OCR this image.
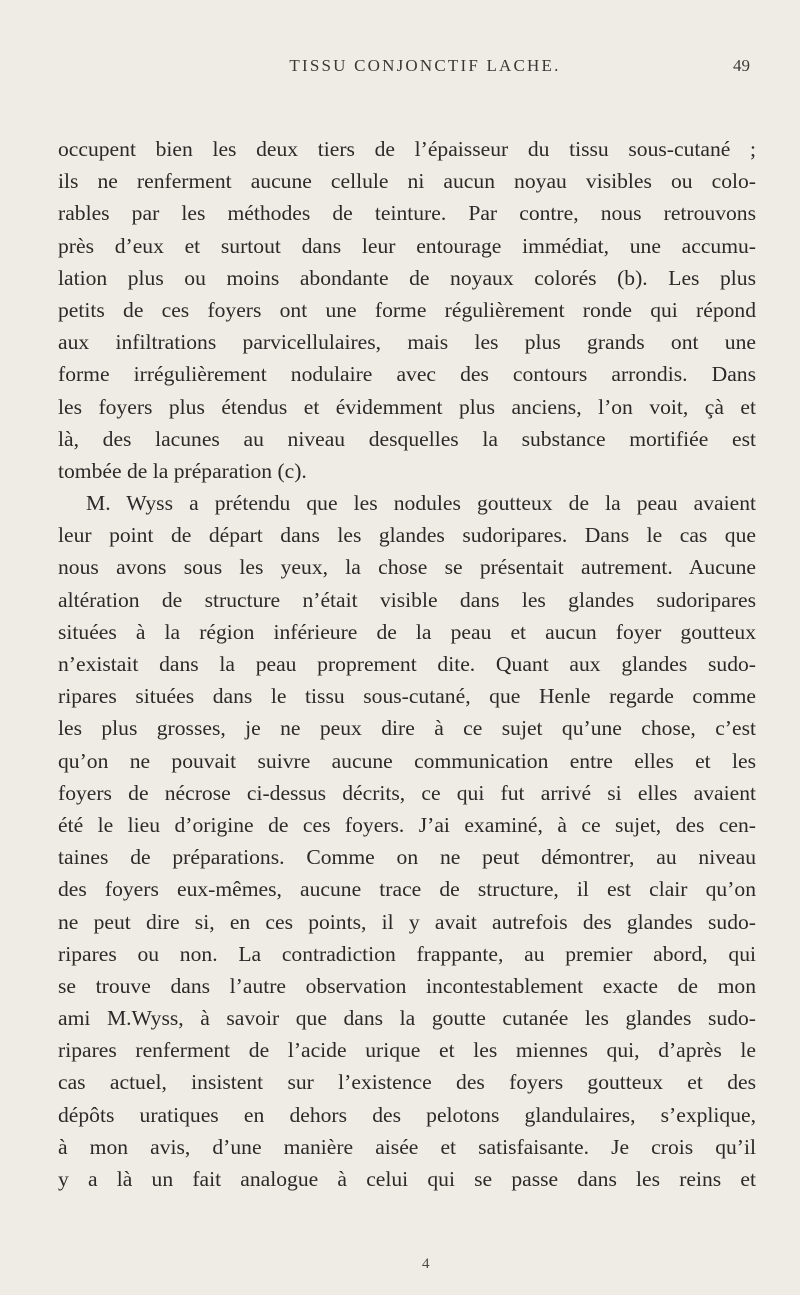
TISSU CONJONCTIF LACHE.	49
occupent bien les deux tiers de l’épaisseur du tissu sous-cutané ;
ils ne renferment aucune cellule ni aucun noyau visibles ou colo-
rables par les méthodes de teinture. Par contre, nous retrouvons
près d’eux et surtout dans leur entourage immédiat, une accumu-
lation plus ou moins abondante de noyaux colorés (b). Les plus
petits de ces foyers ont une forme régulièrement ronde qui répond
aux infiltrations parvicellulaires, mais les plus grands ont une
forme irrégulièrement nodulaire avec des contours arrondis. Dans
les foyers plus étendus et évidemment plus anciens, l’on voit, çà et
là, des lacunes au niveau desquelles la substance mortifiée est
tombée de la préparation (c).
M. Wyss a prétendu que les nodules goutteux de la peau avaient
leur point de départ dans les glandes sudoripares. Dans le cas que
nous avons sous les yeux, la chose se présentait autrement. Aucune
altération de structure n’était visible dans les glandes sudoripares
situées à la région inférieure de la peau et aucun foyer goutteux
n’existait dans la peau proprement dite. Quant aux glandes sudo-
ripares situées dans le tissu sous-cutané, que Henle regarde comme
les plus grosses, je ne peux dire à ce sujet qu’une chose, c’est
qu’on ne pouvait suivre aucune communication entre elles et les
foyers de nécrose ci-dessus décrits, ce qui fut arrivé si elles avaient
été le lieu d’origine de ces foyers. J’ai examiné, à ce sujet, des cen-
taines de préparations. Comme on ne peut démontrer, au niveau
des foyers eux-mêmes, aucune trace de structure, il est clair qu’on
ne peut dire si, en ces points, il y avait autrefois des glandes sudo-
ripares ou non. La contradiction frappante, au premier abord, qui
se trouve dans l’autre observation incontestablement exacte de mon
ami M.Wyss, à savoir que dans la goutte cutanée les glandes sudo-
ripares renferment de l’acide urique et les miennes qui, d’après le
cas actuel, insistent sur l’existence des foyers goutteux et des
dépôts uratiques en dehors des pelotons glandulaires, s’explique,
à mon avis, d’une manière aisée et satisfaisante. Je crois qu’il
y a là un fait analogue à celui qui se passe dans les reins et
4
